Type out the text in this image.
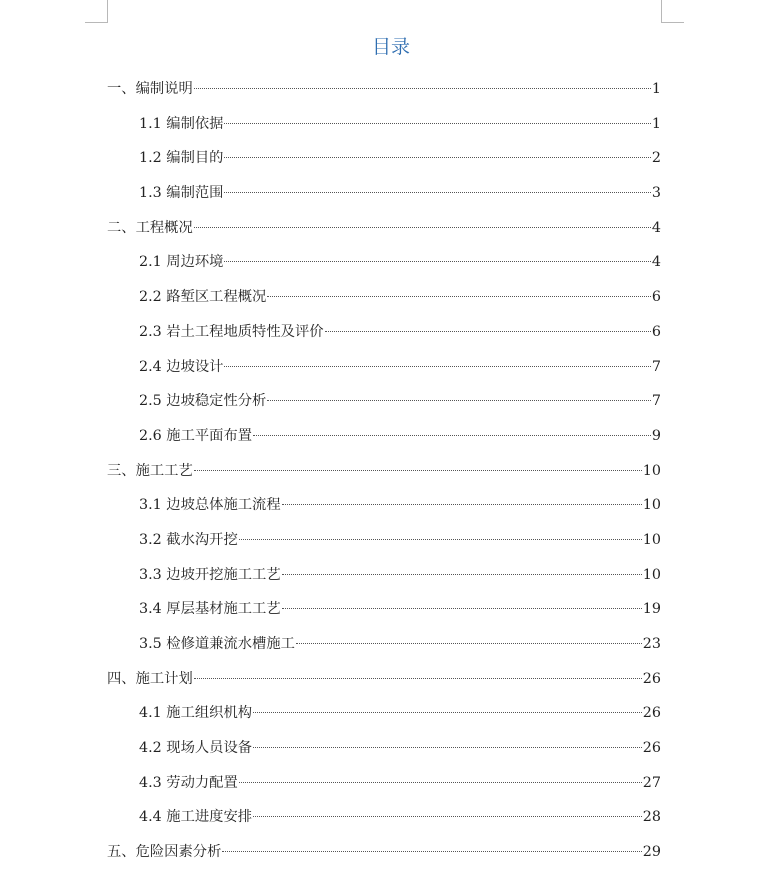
目录
一、编制说明	1
1.1 编制依据	1
1.2 编制目的	2
1.3 编制范围	3
二、工程概况	4
2.1 周边环境	4
2.2 路堑区工程概况	6
2.3 岩土工程地质特性及评价	6
2.4 边坡设计	7
2.5 边坡稳定性分析	7
2.6 施工平面布置	9
三、施工工艺	10
3.1 边坡总体施工流程	10
3.2 截水沟开挖	10
3.3 边坡开挖施工工艺	10
3.4 厚层基材施工工艺	19
3.5 检修道兼流水槽施工	23
四、施工计划	26
4.1 施工组织机构	26
4.2 现场人员设备	26
4.3 劳动力配置	27
4.4 施工进度安排	28
五、危险因素分析	29
